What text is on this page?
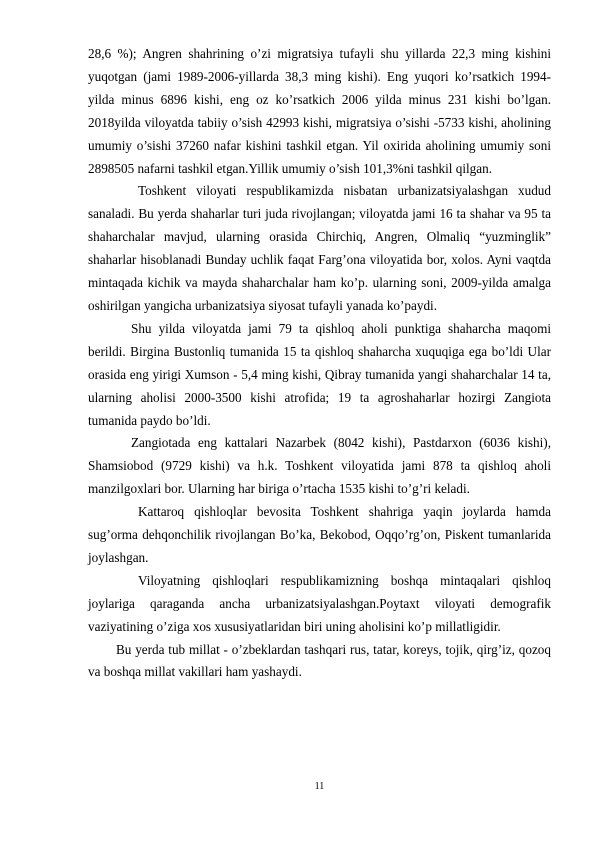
28,6 %); Angren shahrining o’zi migratsiya tufayli shu yillarda 22,3 ming kishini yuqotgan (jami 1989-2006-yillarda 38,3 ming kishi). Eng yuqori ko’rsatkich 1994-yilda minus 6896 kishi, eng oz ko’rsatkich 2006 yilda minus 231 kishi bo’lgan. 2018yilda viloyatda tabiiy o’sish 42993 kishi, migratsiya o’sishi -5733 kishi, aholining umumiy o’sishi 37260 nafar kishini tashkil etgan. Yil oxirida aholining umumiy soni 2898505 nafarni tashkil etgan.Yillik umumiy o’sish 101,3%ni tashkil qilgan.

Toshkent viloyati respublikamizda nisbatan urbanizatsiyalashgan xudud sanaladi. Bu yerda shaharlar turi juda rivojlangan; viloyatda jami 16 ta shahar va 95 ta shaharchalar mavjud, ularning orasida Chirchiq, Angren, Olmaliq “yuzminglik” shaharlar hisoblanadi Bunday uchlik faqat Farg’ona viloyatida bor, xolos. Ayni vaqtda mintaqada kichik va mayda shaharchalar ham ko’p. ularning soni, 2009-yilda amalga oshirilgan yangicha urbanizatsiya siyosat tufayli yanada ko’paydi.

Shu yilda viloyatda jami 79 ta qishloq aholi punktiga shaharcha maqomi berildi. Birgina Bustonliq tumanida 15 ta qishloq shaharcha xuquqiga ega bo’ldi Ular orasida eng yirigi Xumson - 5,4 ming kishi, Qibray tumanida yangi shaharchalar 14 ta, ularning aholisi 2000-3500 kishi atrofida; 19 ta agroshaharlar hozirgi Zangiota tumanida paydo bo’ldi.

Zangiotada eng kattalari Nazarbek (8042 kishi), Pastdarxon (6036 kishi), Shamsiobod (9729 kishi) va h.k. Toshkent viloyatida jami 878 ta qishloq aholi manzilgoxlari bor. Ularning har biriga o’rtacha 1535 kishi to’g’ri keladi.

Kattaroq qishloqlar bevosita Toshkent shahriga yaqin joylarda hamda sug’orma dehqonchilik rivojlangan Bo’ka, Bekobod, Oqqo’rg’on, Piskent tumanlarida joylashgan.

Viloyatning qishloqlari respublikamizning boshqa mintaqalari qishloq joylariga qaraganda ancha urbanizatsiyalashgan.Poytaxt viloyati demografik vaziyatining o’ziga xos xususiyatlaridan biri uning aholisini ko’p millatligidir.

Bu yerda tub millat - o’zbeklardan tashqari rus, tatar, koreys, tojik, qirg’iz, qozoq va boshqa millat vakillari ham yashaydi.

11
